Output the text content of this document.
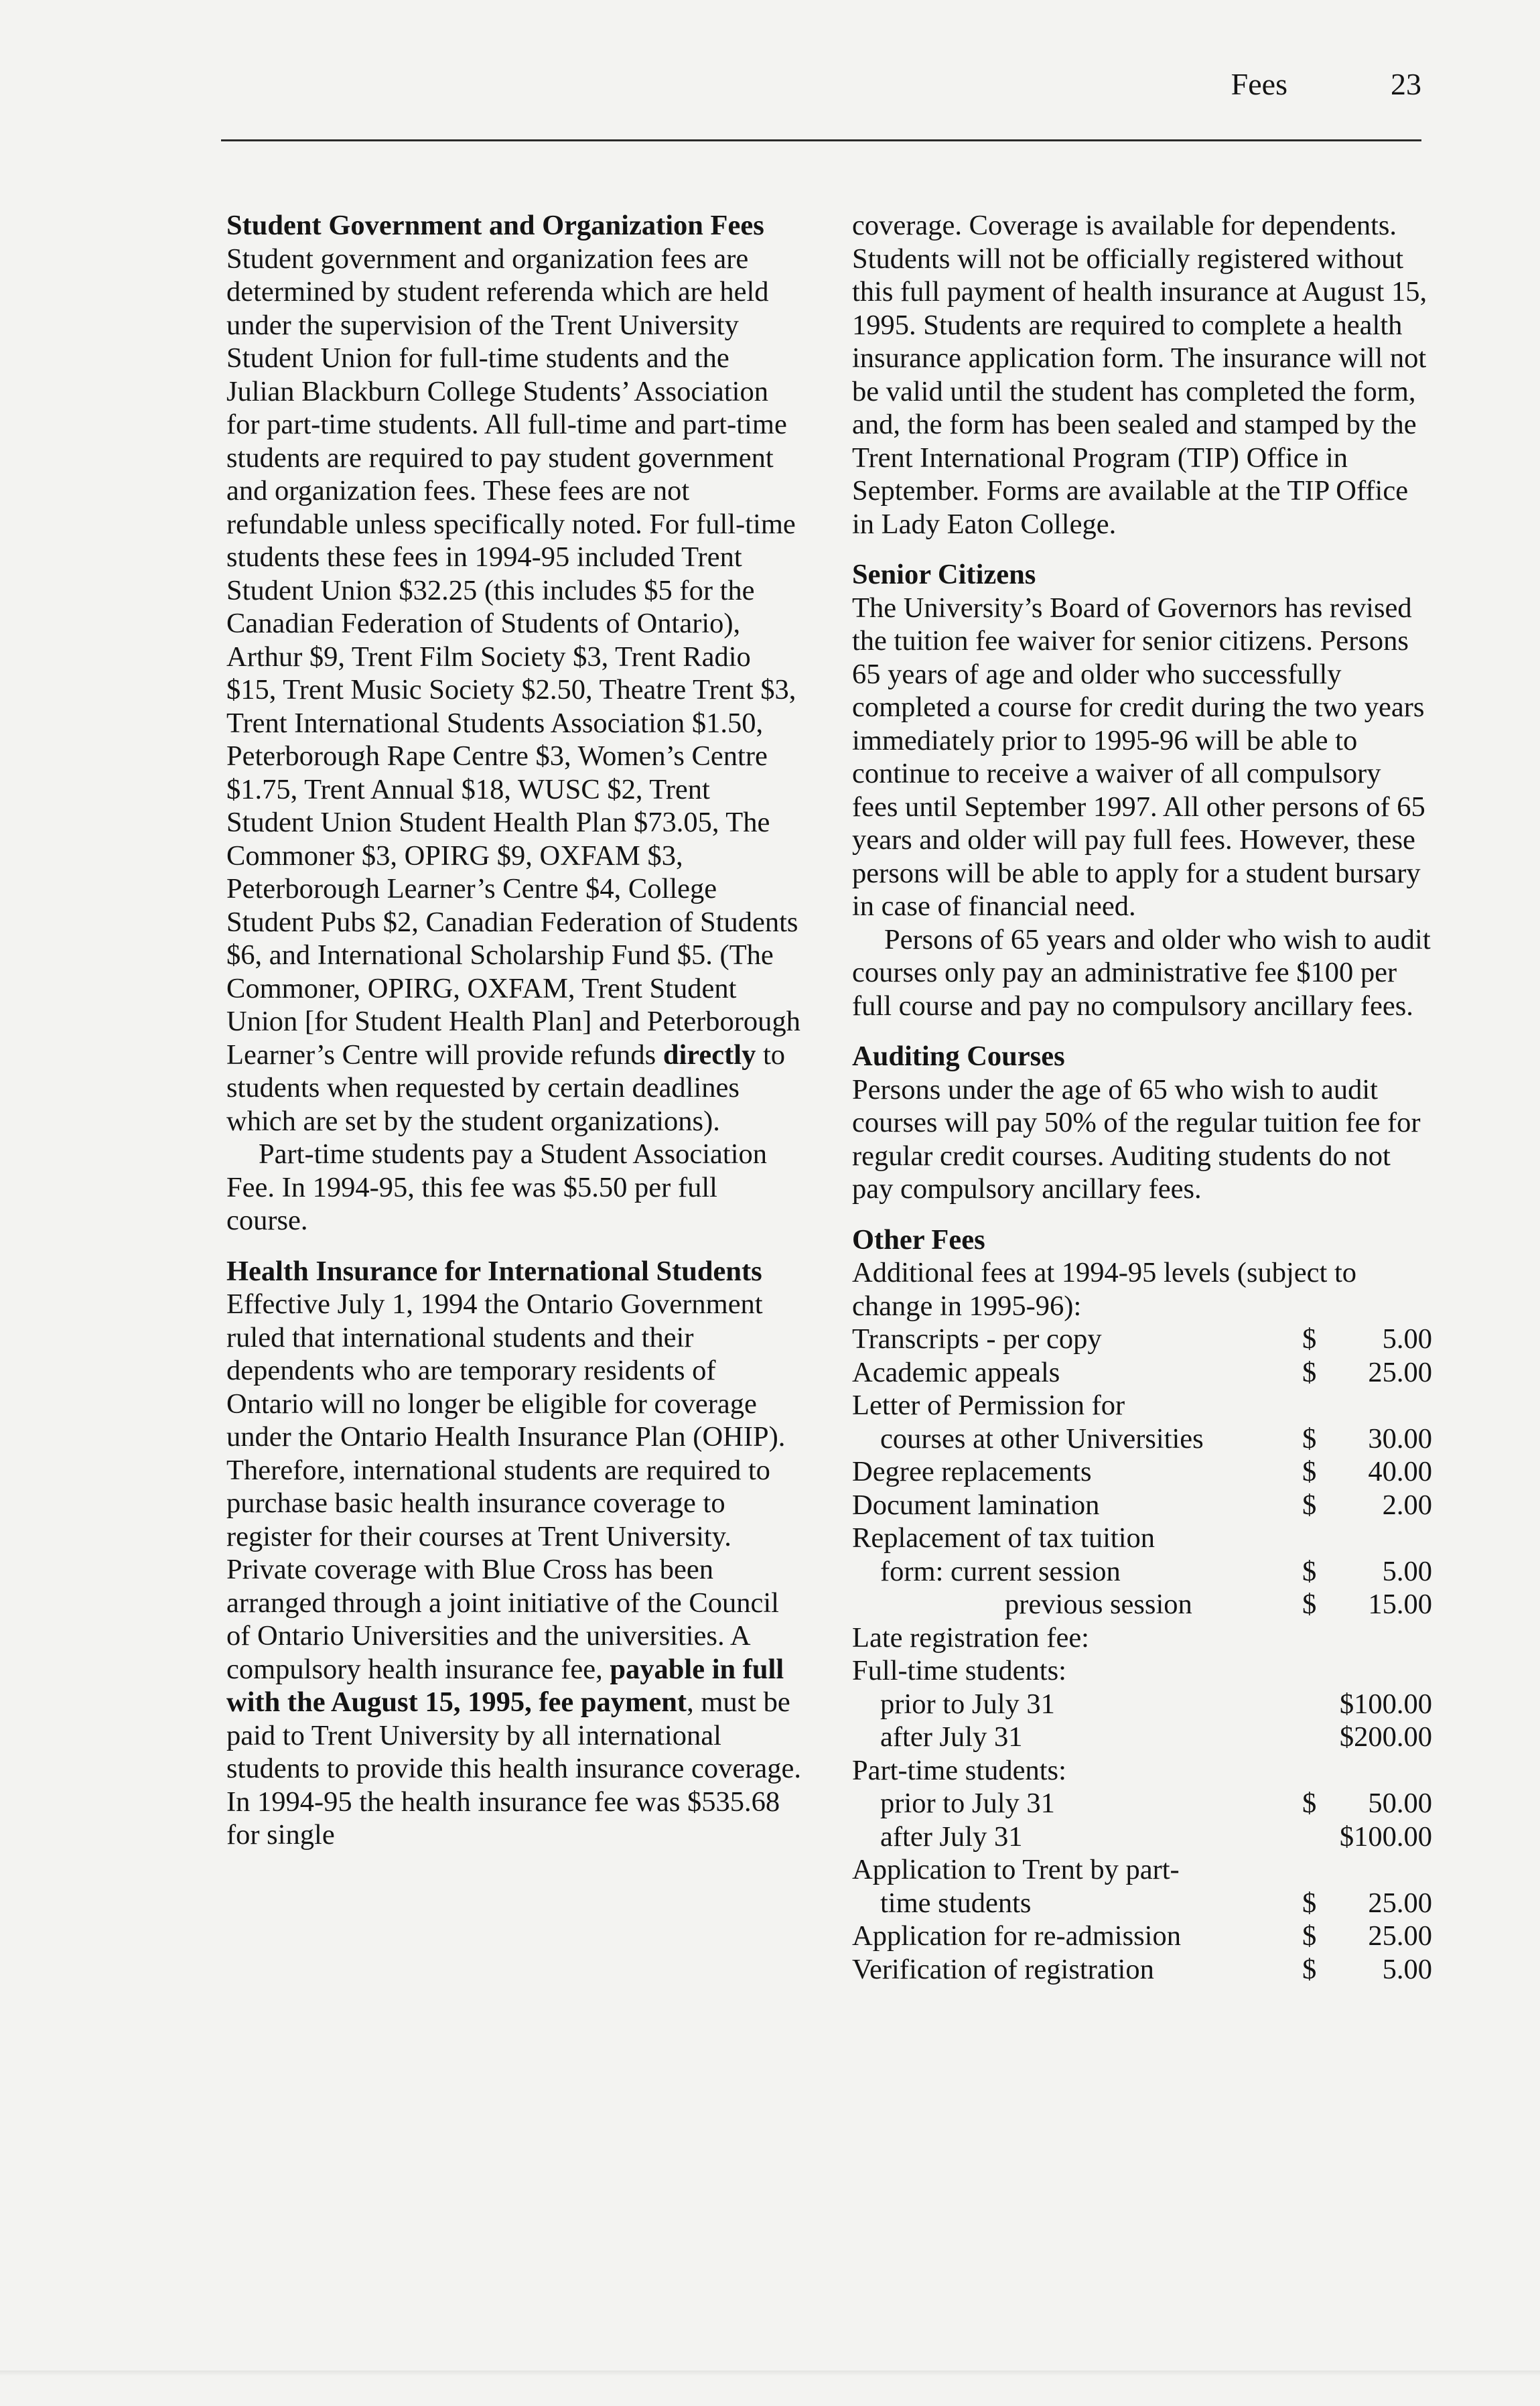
Fees	23
Student Government and Organization Fees

Student government and organization fees are determined by student referenda which are held under the supervision of the Trent University Student Union for full-time students and the Julian Blackburn College Students’ Association for part-time students. All full-time and part-time students are required to pay student government and organization fees. These fees are not refundable unless specifically noted. For full-time students these fees in 1994-95 included Trent Student Union $32.25 (this includes $5 for the Canadian Federation of Students of Ontario), Arthur $9, Trent Film Society $3, Trent Radio $15, Trent Music Society $2.50, Theatre Trent $3, Trent International Students Association $1.50, Peterborough Rape Centre $3, Women’s Centre $1.75, Trent Annual $18, WUSC $2, Trent Student Union Student Health Plan $73.05, The Commoner $3, OPIRG $9, OXFAM $3, Peterborough Learner’s Centre $4, College Student Pubs $2, Canadian Federation of Students $6, and International Scholarship Fund $5. (The Commoner, OPIRG, OXFAM, Trent Student Union [for Student Health Plan] and Peterborough Learner’s Centre will provide refunds directly to students when requested by certain deadlines which are set by the student organizations).

Part-time students pay a Student Association Fee. In 1994-95, this fee was $5.50 per full course.

Health Insurance for International Students

Effective July 1, 1994 the Ontario Government ruled that international students and their dependents who are temporary residents of Ontario will no longer be eligible for coverage under the Ontario Health Insurance Plan (OHIP). Therefore, international students are required to purchase basic health insurance coverage to register for their courses at Trent University. Private coverage with Blue Cross has been arranged through a joint initiative of the Council of Ontario Universities and the universities. A compulsory health insurance fee, payable in full with the August 15, 1995, fee payment, must be paid to Trent University by all international students to provide this health insurance coverage. In 1994-95 the health insurance fee was $535.68 for single

coverage. Coverage is available for dependents. Students will not be officially registered without this full payment of health insurance at August 15, 1995. Students are required to complete a health insurance application form. The insurance will not be valid until the student has completed the form, and, the form has been sealed and stamped by the Trent International Program (TIP) Office in September. Forms are available at the TIP Office in Lady Eaton College.

Senior Citizens

The University’s Board of Governors has revised the tuition fee waiver for senior citizens. Persons 65 years of age and older who successfully completed a course for credit during the two years immediately prior to 1995-96 will be able to continue to receive a waiver of all compulsory fees until September 1997. All other persons of 65 years and older will pay full fees. However, these persons will be able to apply for a student bursary in case of financial need.

Persons of 65 years and older who wish to audit courses only pay an administrative fee $100 per full course and pay no compulsory ancillary fees.

Auditing Courses

Persons under the age of 65 who wish to audit courses will pay 50% of the regular tuition fee for regular credit courses. Auditing students do not pay compulsory ancillary fees.

Other Fees

Additional fees at 1994-95 levels (subject to change in 1995-96):

Transcripts - per copy	$	5.00
Academic appeals	$	25.00
Letter of Permission for		
courses at other Universities	$	30.00
Degree replacements	$	40.00
Document lamination	$	2.00
Replacement of tax tuition		
form: current session	$	5.00
previous session	$	15.00
Late registration fee:		
Full-time students:		
prior to July 31		$100.00
after July 31		$200.00
Part-time students:		
prior to July 31	$	50.00
after July 31		$100.00
Application to Trent by part-		
time students	$	25.00
Application for re-admission	$	25.00
Verification of registration	$	5.00
